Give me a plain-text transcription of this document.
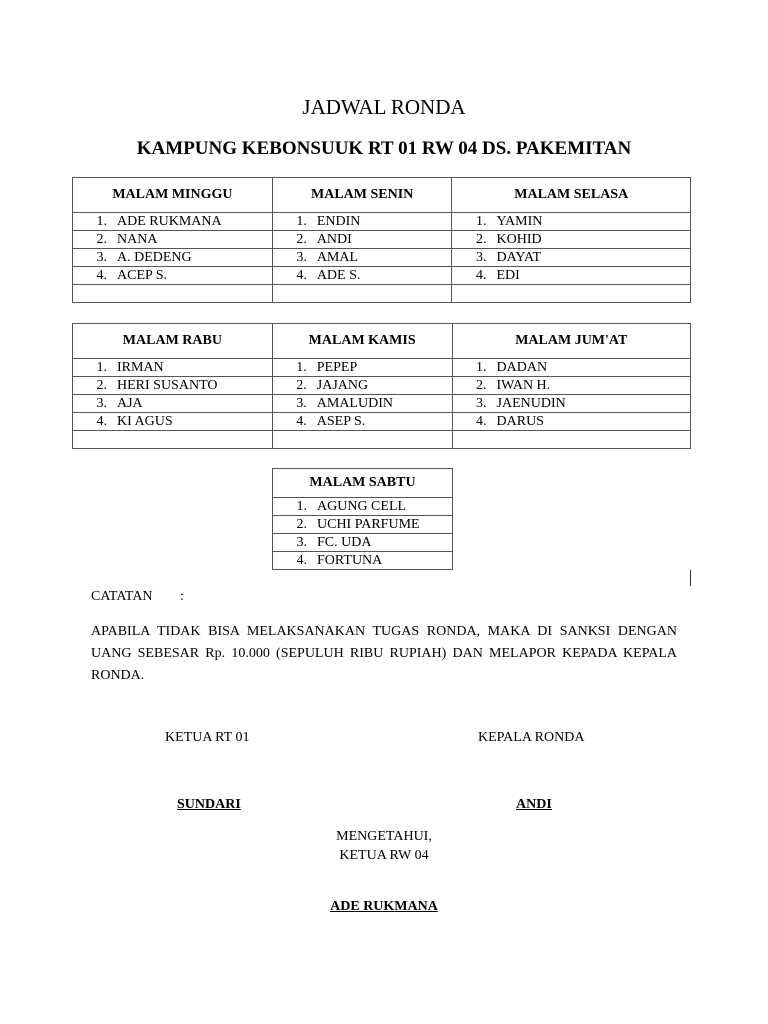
JADWAL RONDA
KAMPUNG KEBONSUUK RT 01 RW 04 DS. PAKEMITAN
MALAM MINGGU	MALAM SENIN	MALAM SELASA

1. ADE RUKMANA	1. ENDIN	1. YAMIN

2. NANA	2. ANDI	2. KOHID

3. A. DEDENG	3. AMAL	3. DAYAT

4. ACEP S.	4. ADE S.	4. EDI

MALAM RABU	MALAM KAMIS	MALAM JUM'AT

1. IRMAN	1. PEPEP	1. DADAN

2. HERI SUSANTO	2. JAJANG	2. IWAN H.

3. AJA	3. AMALUDIN	3. JAENUDIN

4. KI AGUS	4. ASEP S.	4. DARUS

MALAM SABTU

1. AGUNG CELL

2. UCHI PARFUME

3. FC. UDA

4. FORTUNA
CATATAN :
APABILA TIDAK BISA MELAKSANAKAN TUGAS RONDA, MAKA DI SANKSI DENGAN UANG SEBESAR Rp. 10.000 (SEPULUH RIBU RUPIAH) DAN MELAPOR KEPADA KEPALA RONDA.
KETUA RT 01	KEPALA RONDA
SUNDARI	ANDI
MENGETAHUI,
KETUA RW 04
ADE RUKMANA
